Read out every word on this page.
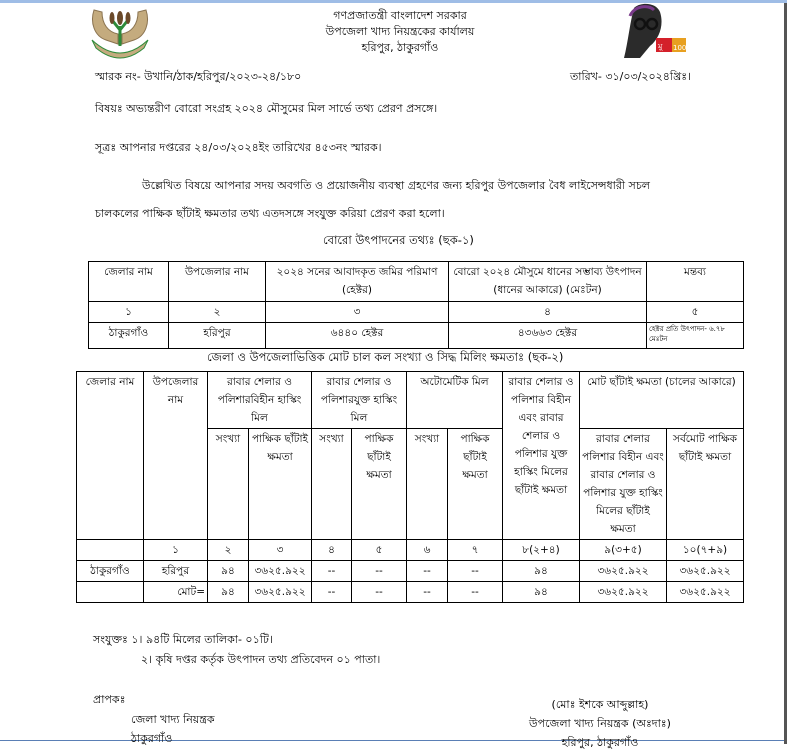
গণপ্রজাতন্ত্রী বাংলাদেশ সরকার
উপজেলা খাদ্য নিয়ন্ত্রকের কার্যালয়
হরিপুর, ঠাকুরগাঁও	মু 100
স্মারক নং- উখানি/ঠাক/হরিপুর/২০২৩-২৪/১৮০	তারিখ- ৩১/০৩/২০২৪খ্রিঃ।
বিষয়ঃ অভ্যন্তরীণ বোরো সংগ্রহ ২০২৪ মৌসুমের মিল সার্ভে তথ্য প্রেরণ প্রসঙ্গে।
সূত্রঃ আপনার দপ্তরের ২৪/০৩/২০২৪ইং তারিখের ৪৫৩নং স্মারক।
উল্লেখিত বিষয়ে আপনার সদয় অবগতি ও প্রয়োজনীয় ব্যবস্থা গ্রহণের জন্য হরিপুর উপজেলার বৈধ লাইসেন্সধারী সচল
চালকলের পাক্ষিক ছাঁটাই ক্ষমতার তথ্য এতদসঙ্গে সংযুক্ত করিয়া প্রেরণ করা হলো।
বোরো উৎপাদনের তথ্যঃ (ছক-১)
জেলার নাম	উপজেলার নাম	২০২৪ সনের আবাদকৃত জমির পরিমাণ (হেক্টর)	বোরো ২০২৪ মৌসুমে ধানের সম্ভাব্য উৎপাদন (ধানের আকারে) (মেঃটন)	মন্তব্য
১	২	৩	৪	৫
ঠাকুরগাঁও	হরিপুর	৬৪৪০ হেক্টর	৪৩৬৬৩ হেক্টর	হেক্টর প্রতি উৎপাদন- ৬.৭৮ মেঃটন
জেলা ও উপজেলাভিত্তিক মোট চাল কল সংখ্যা ও সিদ্ধ মিলিং ক্ষমতাঃ (ছক-২)
জেলার নাম	উপজেলার নাম	রাবার শেলার ও পলিশারবিহীন হাস্কিং মিল		রাবার শেলার ও পলিশারযুক্ত হাস্কিং মিল		অটোমেটিক মিল		রাবার শেলার ও পলিশার বিহীন এবং রাবার শেলার ও পলিশার যুক্ত হাস্কিং মিলের ছাঁটাই ক্ষমতা	মোট ছাঁটাই ক্ষমতা (চালের আকারে)	
		সংখ্যা	পাক্ষিক ছাঁটাই ক্ষমতা	সংখ্যা	পাক্ষিক ছাঁটাই ক্ষমতা	সংখ্যা	পাক্ষিক ছাঁটাই ক্ষমতা		রাবার শেলার পলিশার বিহীন এবং রাবার শেলার ও পলিশার যুক্ত হাস্কিং মিলের ছাঁটাই ক্ষমতা	সর্বমোট পাক্ষিক ছাঁটাই ক্ষমতা
	১	২	৩	৪	৫	৬	৭	৮(২+৪)	৯(৩+৫)	১০(৭+৯)
ঠাকুরগাঁও	হরিপুর	৯৪	৩৬২৫.৯২২	--	--	--	--	৯৪	৩৬২৫.৯২২	৩৬২৫.৯২২
	মোট=	৯৪	৩৬২৫.৯২২	--	--	--	--	৯৪	৩৬২৫.৯২২	৩৬২৫.৯২২
সংযুক্তঃ ১। ৯৪টি মিলের তালিকা- ০১টি।
২। কৃষি দপ্তর কর্তৃক উৎপাদন তথ্য প্রতিবেদন ০১ পাতা।
প্রাপকঃ
জেলা খাদ্য নিয়ন্ত্রক
ঠাকুরগাঁও
(মোঃ ইশকে আব্দুল্লাহ)
উপজেলা খাদ্য নিয়ন্ত্রক (অঃদাঃ)
হরিপুর, ঠাকুরগাঁও
